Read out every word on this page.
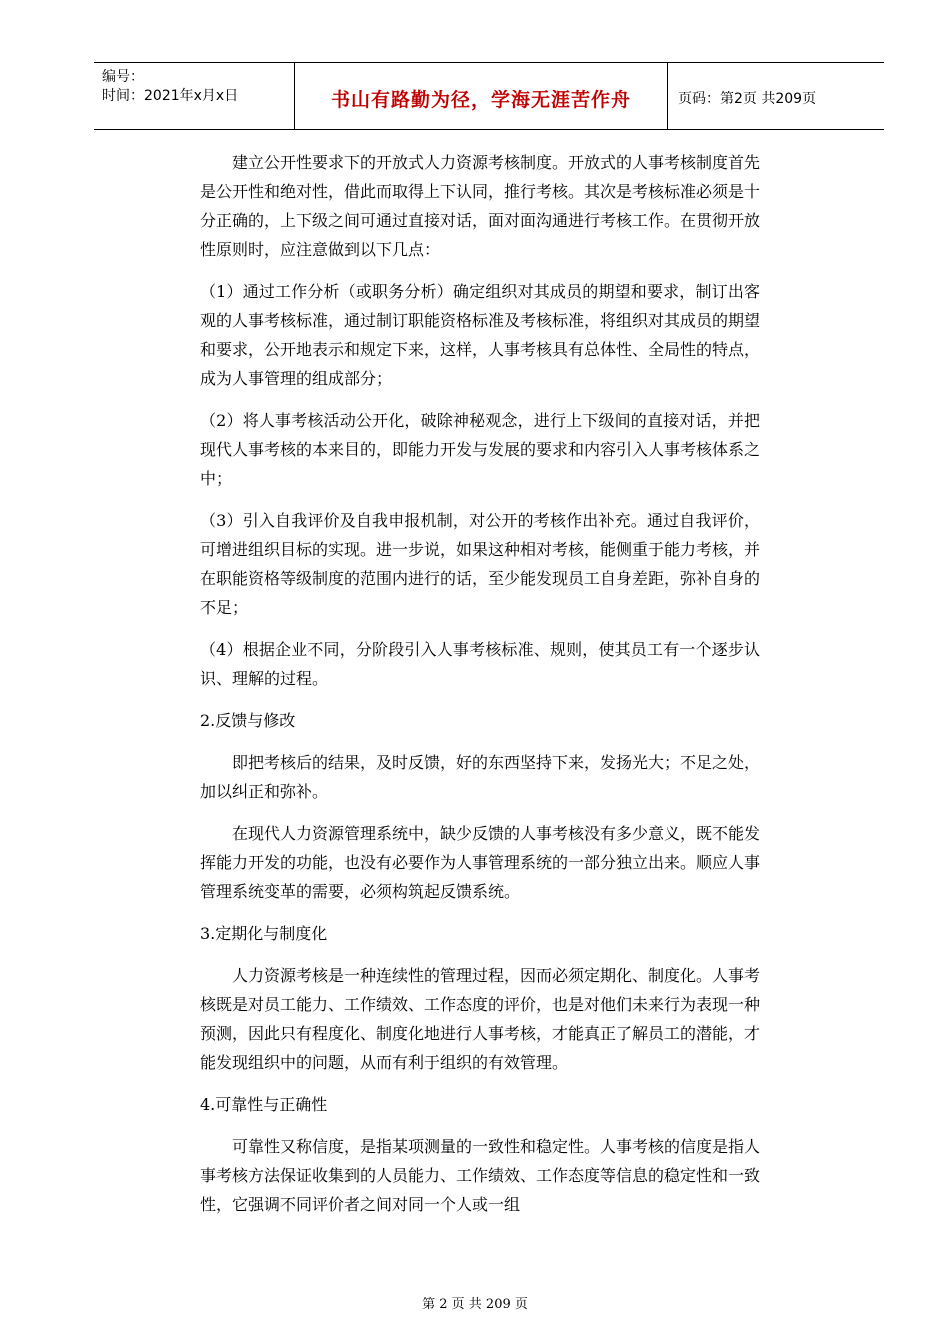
编号：
时间：2021年x月x日	书山有路勤为径，学海无涯苦作舟	页码：第2页 共209页

建立公开性要求下的开放式人力资源考核制度。开放式的人事考核制度首先是公开性和绝对性，借此而取得上下认同，推行考核。其次是考核标准必须是十分正确的，上下级之间可通过直接对话，面对面沟通进行考核工作。在贯彻开放性原则时，应注意做到以下几点：

（1）通过工作分析（或职务分析）确定组织对其成员的期望和要求，制订出客观的人事考核标准，通过制订职能资格标准及考核标准，将组织对其成员的期望和要求，公开地表示和规定下来，这样，人事考核具有总体性、全局性的特点，成为人事管理的组成部分；

（2）将人事考核活动公开化，破除神秘观念，进行上下级间的直接对话，并把现代人事考核的本来目的，即能力开发与发展的要求和内容引入人事考核体系之中；

（3）引入自我评价及自我申报机制，对公开的考核作出补充。通过自我评价，可增进组织目标的实现。进一步说，如果这种相对考核，能侧重于能力考核，并在职能资格等级制度的范围内进行的话，至少能发现员工自身差距，弥补自身的不足；

（4）根据企业不同，分阶段引入人事考核标准、规则，使其员工有一个逐步认识、理解的过程。

2.反馈与修改

即把考核后的结果，及时反馈，好的东西坚持下来，发扬光大；不足之处，加以纠正和弥补。

在现代人力资源管理系统中，缺少反馈的人事考核没有多少意义，既不能发挥能力开发的功能，也没有必要作为人事管理系统的一部分独立出来。顺应人事管理系统变革的需要，必须构筑起反馈系统。

3.定期化与制度化

人力资源考核是一种连续性的管理过程，因而必须定期化、制度化。人事考核既是对员工能力、工作绩效、工作态度的评价，也是对他们未来行为表现一种预测，因此只有程度化、制度化地进行人事考核，才能真正了解员工的潜能，才能发现组织中的问题，从而有利于组织的有效管理。

4.可靠性与正确性

可靠性又称信度，是指某项测量的一致性和稳定性。人事考核的信度是指人事考核方法保证收集到的人员能力、工作绩效、工作态度等信息的稳定性和一致性，它强调不同评价者之间对同一个人或一组

第 2 页 共 209 页
